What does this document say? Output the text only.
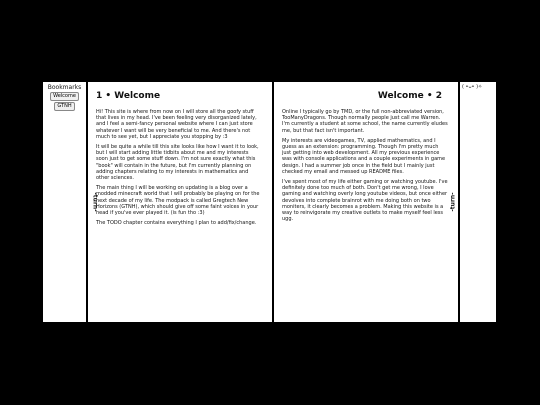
Bookmarks
Welcome
GTNH
1 • Welcome

Hi! This site is where from now on I will store all the goofy stuff that lives in my head. I've been feeling very disorganized lately, and I feel a semi-fancy personal website where I can just store whatever I want will be very beneficial to me. And there's not much to see yet, but I appreciate you stopping by :3

It will be quite a while till this site looks like how I want it to look, but I will start adding little tidbits about me and my interests soon just to get some stuff down. I'm not sure exactly what this "book" will contain in the future, but I'm currently planning on adding chapters relating to my interests in mathematics and other sciences.

The main thing I will be working on updating is a blog over a modded minecraft world that I will probably be playing on for the next decade of my life. The modpack is called Gregtech New Horizons (GTNH), which should give off some faint voices in your head if you've ever played it. (is fun tho :3)

The TODO chapter contains everything I plan to add/fix/change.

Welcome • 2

Online I typically go by TMD, or the full non-abbreviated version, TooManyDragons. Though normally people just call me Warren. I'm currently a student at some school, the name currently eludes me, but that fact isn't important.

My interests are videogames, TV, applied mathematics, and I guess as an extension: programming. Though I'm pretty much just getting into web development. All my previous experience was with console applications and a couple experiments in game design. I had a summer job once in the field but I mainly just checked my email and messed up README files.

I've spent most of my life either gaming or watching youtube. I've definitely done too much of both. Don't get me wrong, I love gaming and watching overly long youtube videos, but once either devolves into complete brainrot with me doing both on two moniters, it clearly becomes a problem. Making this website is a way to reinvigorate my creative outlets to make myself feel less ugg.

-turn-	-turn-
( •ᴗ• )✧
